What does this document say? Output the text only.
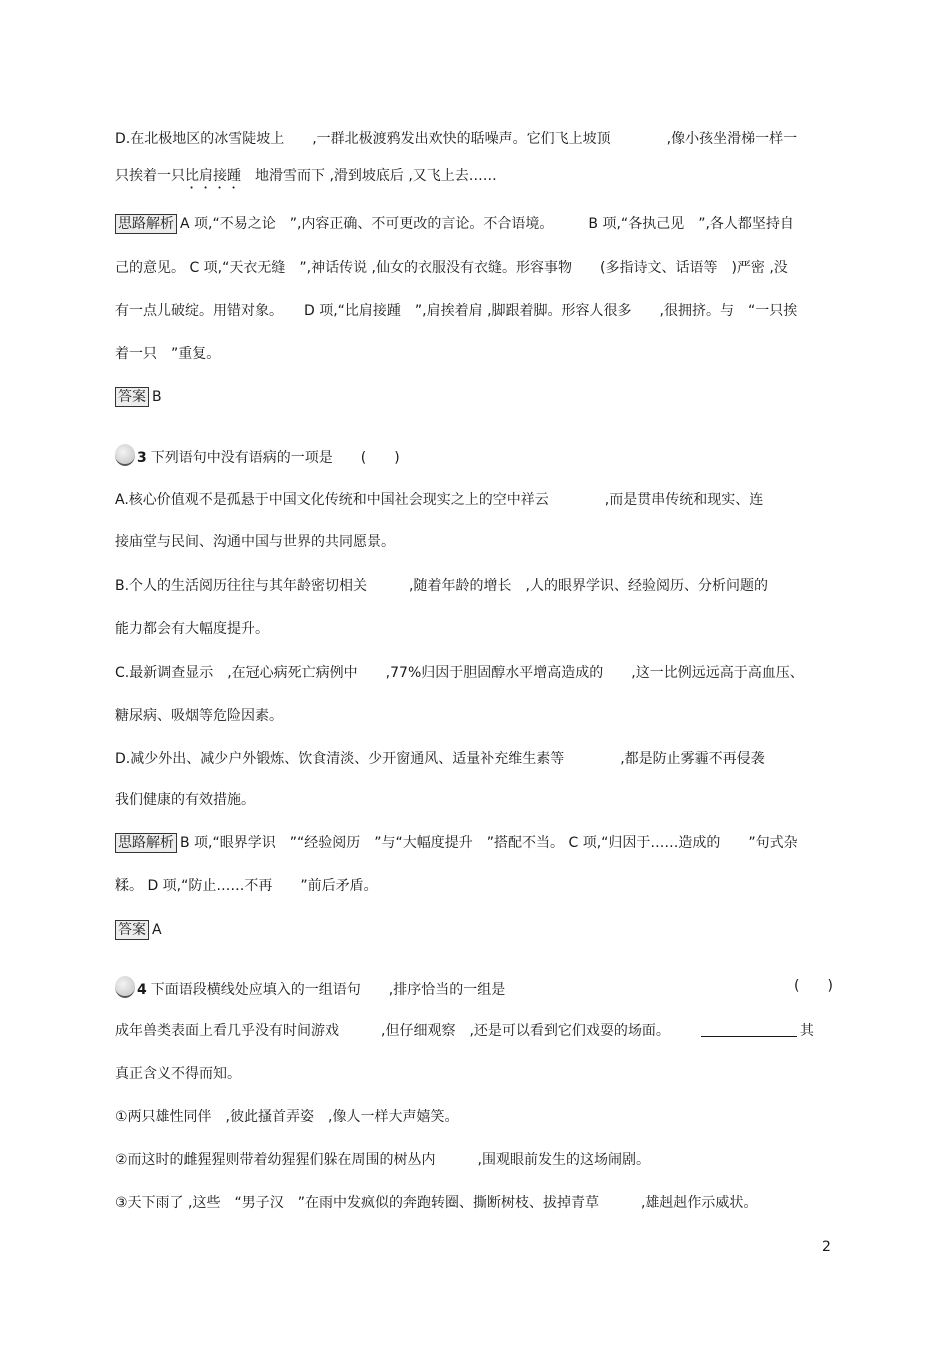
D.在北极地区的冰雪陡坡上　　,一群北极渡鸦发出欢快的聒噪声。它们飞上坡顶　　　　,像小孩坐滑梯一样一
只挨着一只比肩接踵　地滑雪而下 ,滑到坡底后 ,又飞上去……
思路解析 A 项,“不易之论　”,内容正确、不可更改的言论。不合语境。　　　B 项,“各执己见　”,各人都坚持自
己的意见。 C 项,“天衣无缝　”,神话传说 ,仙女的衣服没有衣缝。形容事物　　(多指诗文、话语等　)严密 ,没
有一点儿破绽。用错对象。　　D 项,“比肩接踵　”,肩挨着肩 ,脚跟着脚。形容人很多　　,很拥挤。与　“一只挨
着一只　”重复。
答案 B
3 下列语句中没有语病的一项是　　(　　)
A.核心价值观不是孤悬于中国文化传统和中国社会现实之上的空中祥云　　　　,而是贯串传统和现实、连
接庙堂与民间、沟通中国与世界的共同愿景。
B.个人的生活阅历往往与其年龄密切相关　　　,随着年龄的增长　,人的眼界学识、经验阅历、分析问题的
能力都会有大幅度提升。
C.最新调查显示　,在冠心病死亡病例中　　,77%归因于胆固醇水平增高造成的　　,这一比例远远高于高血压、
糖尿病、吸烟等危险因素。
D.减少外出、减少户外锻炼、饮食清淡、少开窗通风、适量补充维生素等　　　　,都是防止雾霾不再侵袭
我们健康的有效措施。
思路解析 B 项,“眼界学识　”“经验阅历　”与“大幅度提升　”搭配不当。 C 项,“归因于……造成的　　”句式杂
糅。 D 项,“防止……不再　　”前后矛盾。
答案 A
4 下面语段横线处应填入的一组语句　　,排序恰当的一组是	(　　)
成年兽类表面上看几乎没有时间游戏　　　,但仔细观察　,还是可以看到它们戏耍的场面。　　	其
真正含义不得而知。
①两只雄性同伴　,彼此搔首弄姿　,像人一样大声嬉笑。
②而这时的雌猩猩则带着幼猩猩们躲在周围的树丛内　　　,围观眼前发生的这场闹剧。
③天下雨了 ,这些　“男子汉　”在雨中发疯似的奔跑转圈、撕断树枝、拔掉青草　　　,雄赳赳作示威状。
2
